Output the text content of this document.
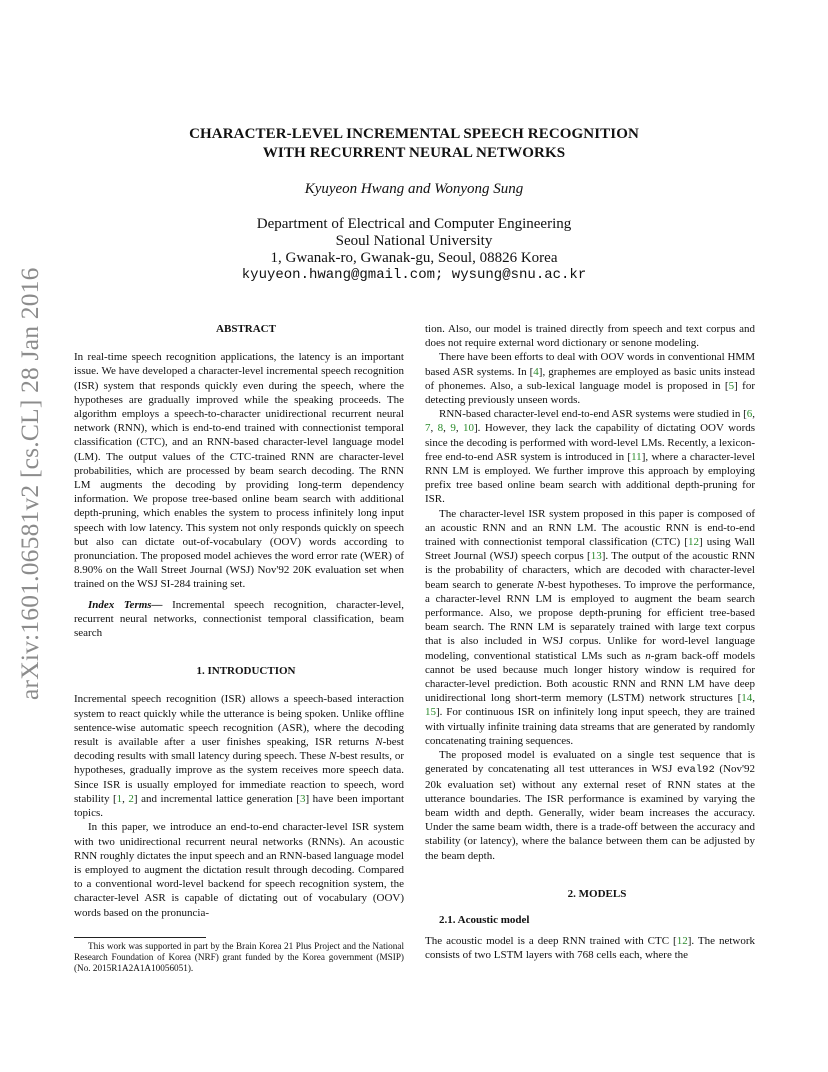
arXiv:1601.06581v2 [cs.CL] 28 Jan 2016
CHARACTER-LEVEL INCREMENTAL SPEECH RECOGNITION
WITH RECURRENT NEURAL NETWORKS

Kyuyeon Hwang and Wonyong Sung

Department of Electrical and Computer Engineering
Seoul National University
1, Gwanak-ro, Gwanak-gu, Seoul, 08826 Korea
kyuyeon.hwang@gmail.com; wysung@snu.ac.kr

ABSTRACT

In real-time speech recognition applications, the latency is an important issue. We have developed a character-level incremental speech recognition (ISR) system that responds quickly even during the speech, where the hypotheses are gradually improved while the speaking proceeds. The algorithm employs a speech-to-character unidirectional recurrent neural network (RNN), which is end-to-end trained with connectionist temporal classification (CTC), and an RNN-based character-level language model (LM). The output values of the CTC-trained RNN are character-level probabilities, which are processed by beam search decoding. The RNN LM augments the decoding by providing long-term dependency information. We propose tree-based online beam search with additional depth-pruning, which enables the system to process infinitely long input speech with low latency. This system not only responds quickly on speech but also can dictate out-of-vocabulary (OOV) words according to pronunciation. The proposed model achieves the word error rate (WER) of 8.90% on the Wall Street Journal (WSJ) Nov'92 20K evaluation set when trained on the WSJ SI-284 training set.

Index Terms— Incremental speech recognition, character-level, recurrent neural networks, connectionist temporal classification, beam search

1. INTRODUCTION

Incremental speech recognition (ISR) allows a speech-based interaction system to react quickly while the utterance is being spoken. Unlike offline sentence-wise automatic speech recognition (ASR), where the decoding result is available after a user finishes speaking, ISR returns N-best decoding results with small latency during speech. These N-best results, or hypotheses, gradually improve as the system receives more speech data. Since ISR is usually employed for immediate reaction to speech, word stability [1, 2] and incremental lattice generation [3] have been important topics.

In this paper, we introduce an end-to-end character-level ISR system with two unidirectional recurrent neural networks (RNNs). An acoustic RNN roughly dictates the input speech and an RNN-based language model is employed to augment the dictation result through decoding. Compared to a conventional word-level backend for speech recognition system, the character-level ASR is capable of dictating out of vocabulary (OOV) words based on the pronuncia-

This work was supported in part by the Brain Korea 21 Plus Project and the National Research Foundation of Korea (NRF) grant funded by the Korea government (MSIP) (No. 2015R1A2A1A10056051).

tion. Also, our model is trained directly from speech and text corpus and does not require external word dictionary or senone modeling.

There have been efforts to deal with OOV words in conventional HMM based ASR systems. In [4], graphemes are employed as basic units instead of phonemes. Also, a sub-lexical language model is proposed in [5] for detecting previously unseen words.

RNN-based character-level end-to-end ASR systems were studied in [6, 7, 8, 9, 10]. However, they lack the capability of dictating OOV words since the decoding is performed with word-level LMs. Recently, a lexicon-free end-to-end ASR system is introduced in [11], where a character-level RNN LM is employed. We further improve this approach by employing prefix tree based online beam search with additional depth-pruning for ISR.

The character-level ISR system proposed in this paper is composed of an acoustic RNN and an RNN LM. The acoustic RNN is end-to-end trained with connectionist temporal classification (CTC) [12] using Wall Street Journal (WSJ) speech corpus [13]. The output of the acoustic RNN is the probability of characters, which are decoded with character-level beam search to generate N-best hypotheses. To improve the performance, a character-level RNN LM is employed to augment the beam search performance. Also, we propose depth-pruning for efficient tree-based beam search. The RNN LM is separately trained with large text corpus that is also included in WSJ corpus. Unlike for word-level language modeling, conventional statistical LMs such as n-gram back-off models cannot be used because much longer history window is required for character-level prediction. Both acoustic RNN and RNN LM have deep unidirectional long short-term memory (LSTM) network structures [14, 15]. For continuous ISR on infinitely long input speech, they are trained with virtually infinite training data streams that are generated by randomly concatenating training sequences.

The proposed model is evaluated on a single test sequence that is generated by concatenating all test utterances in WSJ eval92 (Nov'92 20k evaluation set) without any external reset of RNN states at the utterance boundaries. The ISR performance is examined by varying the beam width and depth. Generally, wider beam increases the accuracy. Under the same beam width, there is a trade-off between the accuracy and stability (or latency), where the balance between them can be adjusted by the beam depth.

2. MODELS

2.1. Acoustic model

The acoustic model is a deep RNN trained with CTC [12]. The network consists of two LSTM layers with 768 cells each, where the
